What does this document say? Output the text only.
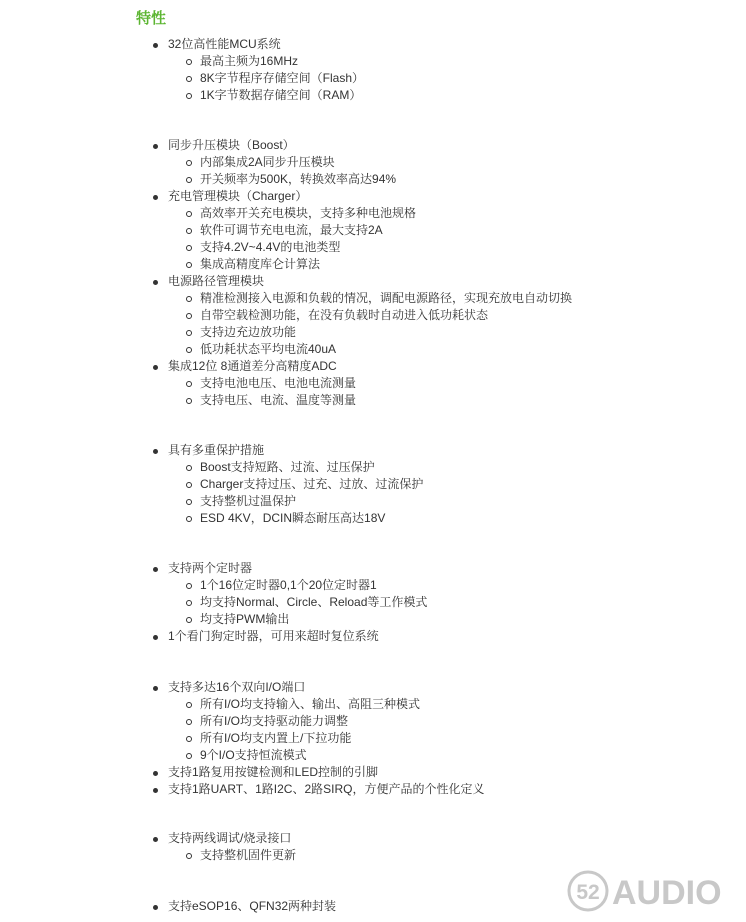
特性
32位高性能MCU系统
最高主频为16MHz
8K字节程序存储空间（Flash）
1K字节数据存储空间（RAM）
同步升压模块（Boost）
内部集成2A同步升压模块
开关频率为500K，转换效率高达94%
充电管理模块（Charger）
高效率开关充电模块，支持多种电池规格
软件可调节充电电流，最大支持2A
支持4.2V~4.4V的电池类型
集成高精度库仑计算法
电源路径管理模块
精准检测接入电源和负载的情况，调配电源路径，实现充放电自动切换
自带空载检测功能，在没有负载时自动进入低功耗状态
支持边充边放功能
低功耗状态平均电流40uA
集成12位 8通道差分高精度ADC
支持电池电压、电池电流测量
支持电压、电流、温度等测量
具有多重保护措施
Boost支持短路、过流、过压保护
Charger支持过压、过充、过放、过流保护
支持整机过温保护
ESD 4KV，DCIN瞬态耐压高达18V
支持两个定时器
1个16位定时器0,1个20位定时器1
均支持Normal、Circle、Reload等工作模式
均支持PWM输出
1个看门狗定时器，可用来超时复位系统
支持多达16个双向I/O端口
所有I/O均支持输入、输出、高阻三种模式
所有I/O均支持驱动能力调整
所有I/O均支内置上/下拉功能
9个I/O支持恒流模式
支持1路复用按键检测和LED控制的引脚
支持1路UART、1路I2C、2路SIRQ，方便产品的个性化定义
支持两线调试/烧录接口
支持整机固件更新
支持eSOP16、QFN32两种封装
52 AUDIO
